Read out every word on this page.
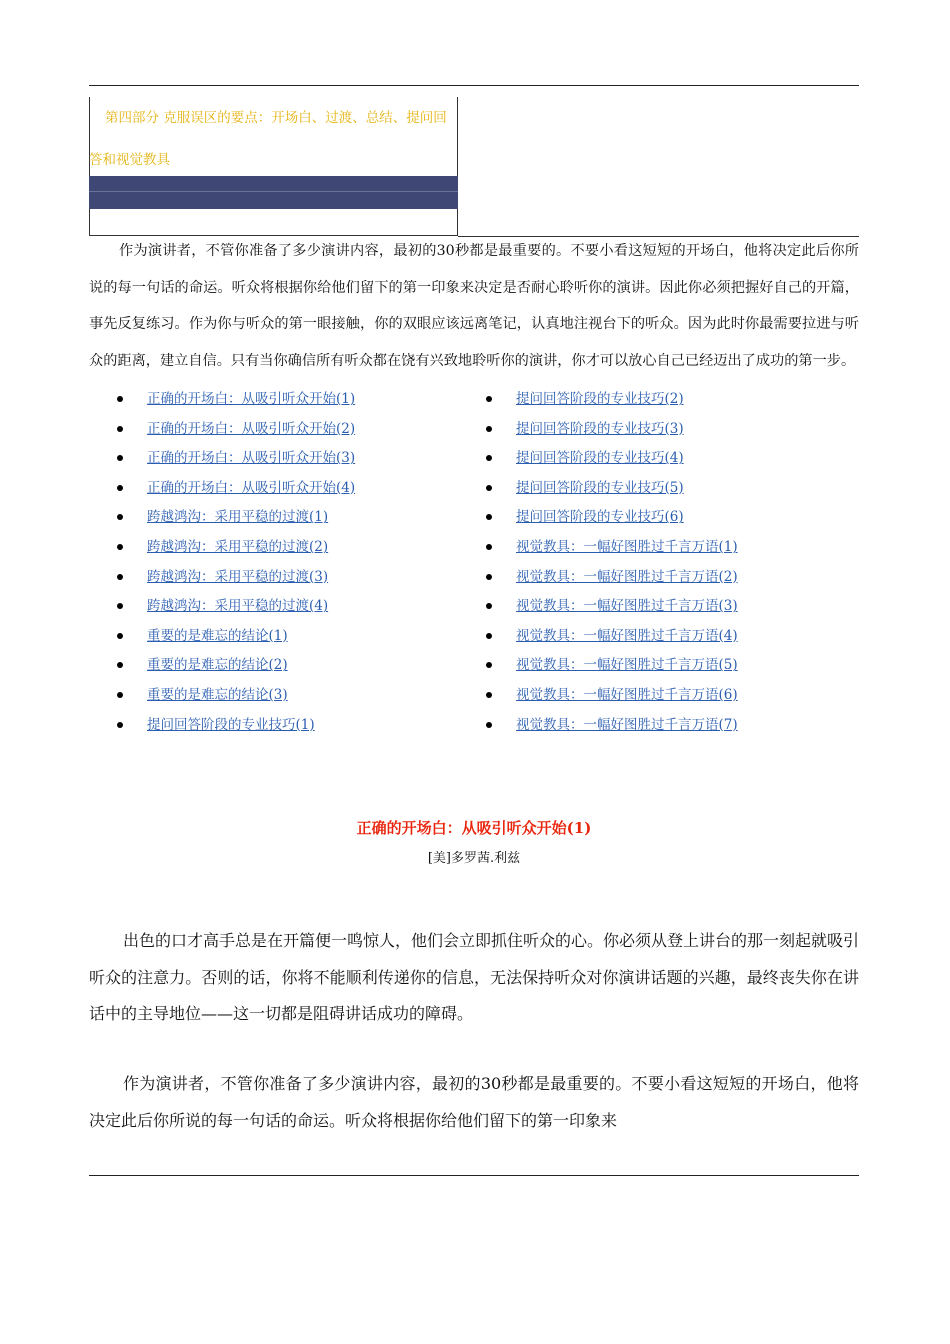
第四部分 克服误区的要点：开场白、过渡、总结、提问回答和视觉教具

作为演讲者，不管你准备了多少演讲内容，最初的30秒都是最重要的。不要小看这短短的开场白，他将决定此后你所说的每一句话的命运。听众将根据你给他们留下的第一印象来决定是否耐心聆听你的演讲。因此你必须把握好自己的开篇，事先反复练习。作为你与听众的第一眼接触，你的双眼应该远离笔记，认真地注视台下的听众。因为此时你最需要拉进与听众的距离，建立自信。只有当你确信所有听众都在饶有兴致地聆听你的演讲，你才可以放心自己已经迈出了成功的第一步。

正确的开场白：从吸引听众开始(1)
正确的开场白：从吸引听众开始(2)
正确的开场白：从吸引听众开始(3)
正确的开场白：从吸引听众开始(4)
跨越鸿沟：采用平稳的过渡(1)
跨越鸿沟：采用平稳的过渡(2)
跨越鸿沟：采用平稳的过渡(3)
跨越鸿沟：采用平稳的过渡(4)
重要的是难忘的结论(1)
重要的是难忘的结论(2)
重要的是难忘的结论(3)
提问回答阶段的专业技巧(1)
提问回答阶段的专业技巧(2)
提问回答阶段的专业技巧(3)
提问回答阶段的专业技巧(4)
提问回答阶段的专业技巧(5)
提问回答阶段的专业技巧(6)
视觉教具：一幅好图胜过千言万语(1)
视觉教具：一幅好图胜过千言万语(2)
视觉教具：一幅好图胜过千言万语(3)
视觉教具：一幅好图胜过千言万语(4)
视觉教具：一幅好图胜过千言万语(5)
视觉教具：一幅好图胜过千言万语(6)
视觉教具：一幅好图胜过千言万语(7)
正确的开场白：从吸引听众开始(1)
[美]多罗茜.利兹

出色的口才高手总是在开篇便一鸣惊人，他们会立即抓住听众的心。你必须从登上讲台的那一刻起就吸引听众的注意力。否则的话，你将不能顺利传递你的信息，无法保持听众对你演讲话题的兴趣，最终丧失你在讲话中的主导地位——这一切都是阻碍讲话成功的障碍。

作为演讲者，不管你准备了多少演讲内容，最初的30秒都是最重要的。不要小看这短短的开场白，他将决定此后你所说的每一句话的命运。听众将根据你给他们留下的第一印象来
